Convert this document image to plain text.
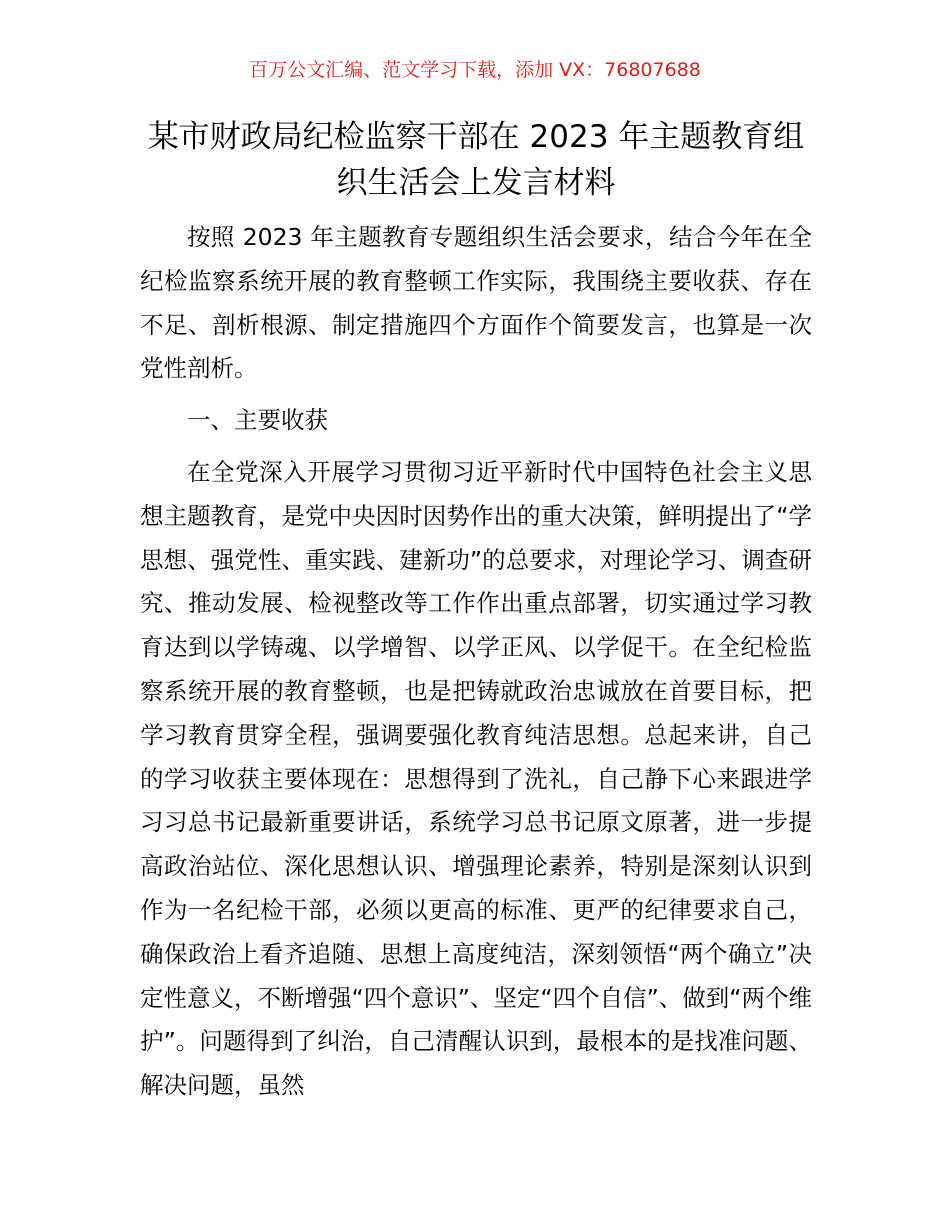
百万公文汇编、范文学习下载，添加 VX：76807688
某市财政局纪检监察干部在 2023 年主题教育组织生活会上发言材料

按照 2023 年主题教育专题组织生活会要求，结合今年在全纪检监察系统开展的教育整顿工作实际，我围绕主要收获、存在不足、剖析根源、制定措施四个方面作个简要发言，也算是一次党性剖析。

一、主要收获

在全党深入开展学习贯彻习近平新时代中国特色社会主义思想主题教育，是党中央因时因势作出的重大决策，鲜明提出了“学思想、强党性、重实践、建新功”的总要求，对理论学习、调查研究、推动发展、检视整改等工作作出重点部署，切实通过学习教育达到以学铸魂、以学增智、以学正风、以学促干。在全纪检监察系统开展的教育整顿，也是把铸就政治忠诚放在首要目标，把学习教育贯穿全程，强调要强化教育纯洁思想。总起来讲，自己的学习收获主要体现在：思想得到了洗礼，自己静下心来跟进学习习总书记最新重要讲话，系统学习总书记原文原著，进一步提高政治站位、深化思想认识、增强理论素养，特别是深刻认识到作为一名纪检干部，必须以更高的标准、更严的纪律要求自己，确保政治上看齐追随、思想上高度纯洁，深刻领悟“两个确立”决定性意义，不断增强“四个意识”、坚定“四个自信”、做到“两个维护”。问题得到了纠治，自己清醒认识到，最根本的是找准问题、解决问题，虽然
